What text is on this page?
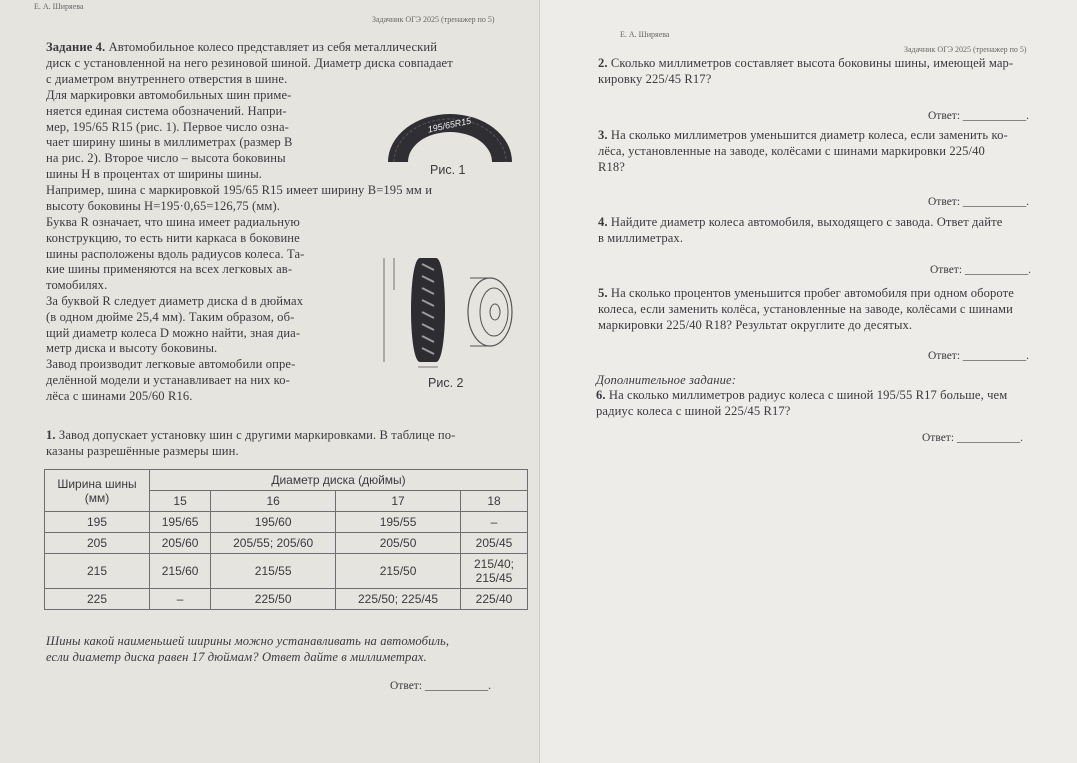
Е. А. Ширяева
Задачник ОГЭ 2025 (тренажер по 5)

Задание 4. Автомобильное колесо представляет из себя металлический

диск с установленной на него резиновой шиной. Диаметр диска совпадает

с диаметром внутреннего отверстия в шине.

Для маркировки автомобильных шин приме-

няется единая система обозначений. Напри-

мер, 195/65 R15 (рис. 1). Первое число озна-

чает ширину шины в миллиметрах (размер B

на рис. 2). Второе число – высота боковины

шины H в процентах от ширины шины.

Например, шина с маркировкой 195/65 R15 имеет ширину B=195 мм и

высоту боковины H=195·0,65=126,75 (мм).

Буква R означает, что шина имеет радиальную

конструкцию, то есть нити каркаса в боковине

шины расположены вдоль радиусов колеса. Та-

кие шины применяются на всех легковых ав-

томобилях.

За буквой R следует диаметр диска d в дюймах

(в одном дюйме 25,4 мм). Таким образом, об-

щий диаметр колеса D можно найти, зная диа-

метр диска и высоту боковины.

Завод производит легковые автомобили опре-

делённой модели и устанавливает на них ко-

лёса с шинами 205/60 R16.

195/65R15
Рис. 1
Рис. 2

1. Завод допускает установку шин с другими маркировками. В таблице по-

казаны разрешённые размеры шин.

Ширина шины (мм)	Диаметр диска (дюймы)			
	15	16	17	18
195	195/65	195/60	195/55	–
205	205/60	205/55; 205/60	205/50	205/45
215	215/60	215/55	215/50	215/40; 215/45
225	–	225/50	225/50; 225/45	225/40

Шины какой наименьшей ширины можно устанавливать на автомобиль,

если диаметр диска равен 17 дюймам? Ответ дайте в миллиметрах.

Ответ: ___________.
Е. А. Ширяева
Задачник ОГЭ 2025 (тренажер по 5)

2. Сколько миллиметров составляет высота боковины шины, имеющей мар-

кировку 225/45 R17?

Ответ: ___________.

3. На сколько миллиметров уменьшится диаметр колеса, если заменить ко-

лёса, установленные на заводе, колёсами с шинами маркировки 225/40

R18?

Ответ: ___________.

4. Найдите диаметр колеса автомобиля, выходящего с завода. Ответ дайте

в миллиметрах.

Ответ: ___________.

5. На сколько процентов уменьшится пробег автомобиля при одном обороте

колеса, если заменить колёса, установленные на заводе, колёсами с шинами

маркировки 225/40 R18? Результат округлите до десятых.

Ответ: ___________.
Дополнительное задание:

6. На сколько миллиметров радиус колеса с шиной 195/55 R17 больше, чем

радиус колеса с шиной 225/45 R17?

Ответ: ___________.
